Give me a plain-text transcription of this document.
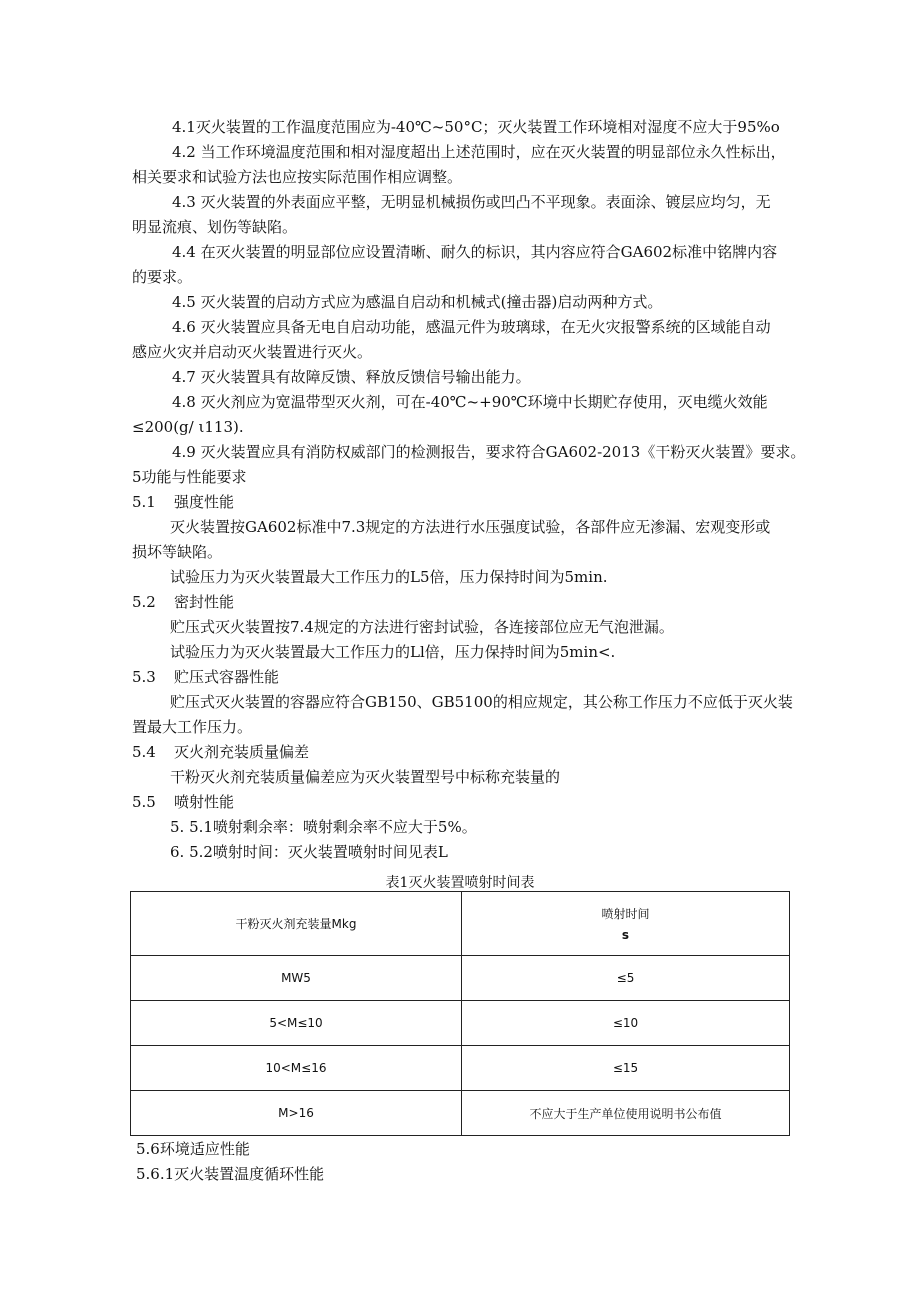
4.1灭火装置的工作温度范围应为-40℃~50°C；灭火装置工作环境相对湿度不应大于95%o
4.2 当工作环境温度范围和相对湿度超出上述范围时，应在灭火装置的明显部位永久性标出，
相关要求和试验方法也应按实际范围作相应调整。
4.3 灭火装置的外表面应平整，无明显机械损伤或凹凸不平现象。表面涂、镀层应均匀，无
明显流痕、划伤等缺陷。
4.4 在灭火装置的明显部位应设置清晰、耐久的标识，其内容应符合GA602标准中铭牌内容
的要求。
4.5 灭火装置的启动方式应为感温自启动和机械式(撞击器)启动两种方式。
4.6 灭火装置应具备无电自启动功能，感温元件为玻璃球，在无火灾报警系统的区域能自动
感应火灾并启动灭火装置进行灭火。
4.7 灭火装置具有故障反馈、释放反馈信号输出能力。
4.8 灭火剂应为宽温带型灭火剂，可在-40℃~+90℃环境中长期贮存使用，灭电缆火效能
≤200(g/ ι113).
4.9 灭火装置应具有消防权威部门的检测报告，要求符合GA602-2013《干粉灭火装置》要求。
5功能与性能要求
5.1 强度性能
灭火装置按GA602标准中7.3规定的方法进行水压强度试验，各部件应无渗漏、宏观变形或
损坏等缺陷。
试验压力为灭火装置最大工作压力的L5倍，压力保持时间为5min.
5.2 密封性能
贮压式灭火装置按7.4规定的方法进行密封试验，各连接部位应无气泡泄漏。
试验压力为灭火装置最大工作压力的Ll倍，压力保持时间为5min<.
5.3 贮压式容器性能
贮压式灭火装置的容器应符合GB150、GB5100的相应规定，其公称工作压力不应低于灭火装
置最大工作压力。
5.4 灭火剂充装质量偏差
干粉灭火剂充装质量偏差应为灭火装置型号中标称充装量的
5.5 喷射性能
5. 5.1喷射剩余率：喷射剩余率不应大于5%。
6. 5.2喷射时间：灭火装置喷射时间见表L
表1灭火装置喷射时间表
干粉灭火剂充装量Mkg	喷射时间
s

MW5	≤5
5<M≤10	≤10
10<M≤16	≤15
M>16	不应大于生产单位使用说明书公布值
5.6环境适应性能
5.6.1灭火装置温度循环性能
